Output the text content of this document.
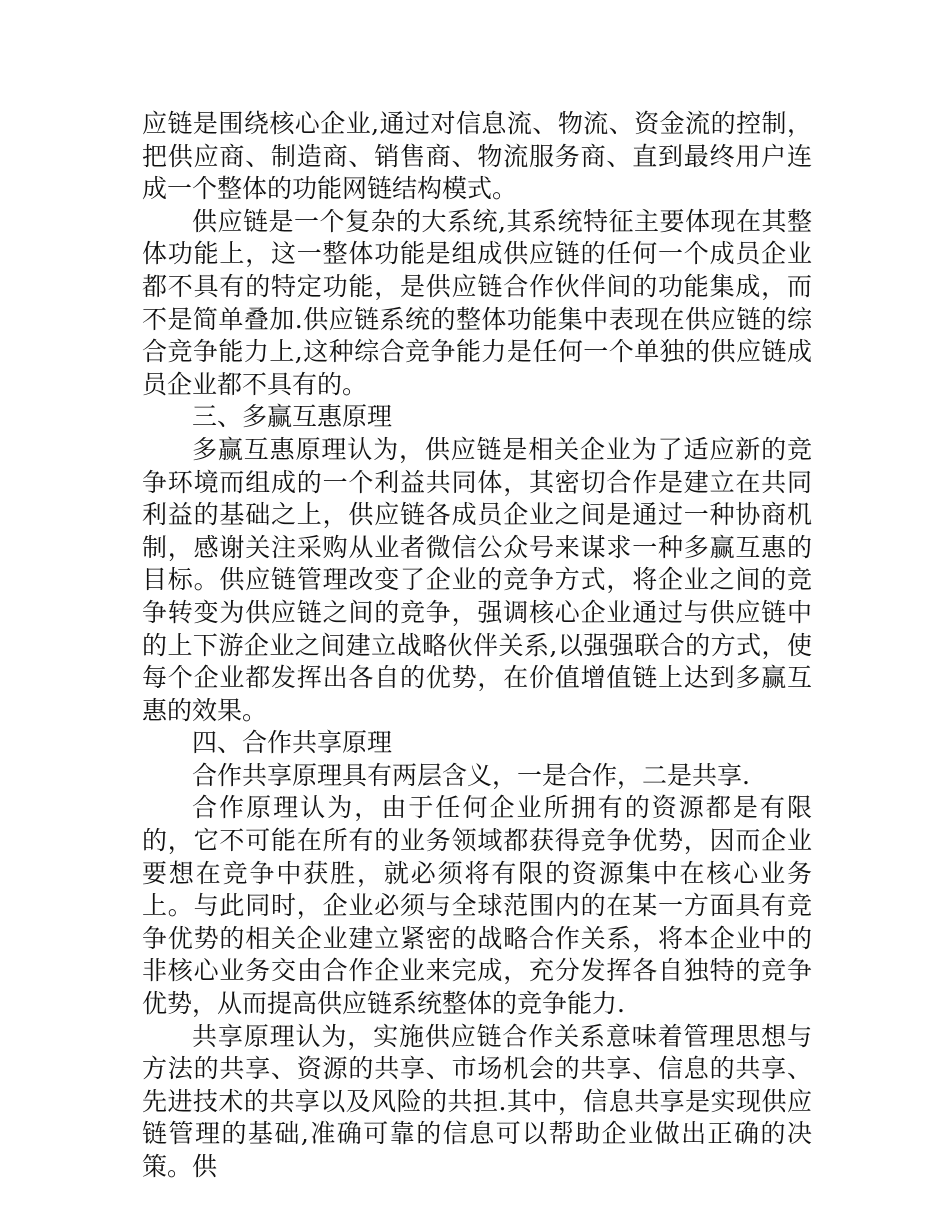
应链是围绕核心企业,通过对信息流、物流、资金流的控制，把供应商、制造商、销售商、物流服务商、直到最终用户连成一个整体的功能网链结构模式。

供应链是一个复杂的大系统,其系统特征主要体现在其整体功能上，这一整体功能是组成供应链的任何一个成员企业都不具有的特定功能，是供应链合作伙伴间的功能集成，而不是简单叠加.供应链系统的整体功能集中表现在供应链的综合竞争能力上,这种综合竞争能力是任何一个单独的供应链成员企业都不具有的。

三、多赢互惠原理

多赢互惠原理认为，供应链是相关企业为了适应新的竞争环境而组成的一个利益共同体，其密切合作是建立在共同利益的基础之上，供应链各成员企业之间是通过一种协商机制，感谢关注采购从业者微信公众号来谋求一种多赢互惠的目标。供应链管理改变了企业的竞争方式，将企业之间的竞争转变为供应链之间的竞争，强调核心企业通过与供应链中的上下游企业之间建立战略伙伴关系,以强强联合的方式，使每个企业都发挥出各自的优势，在价值增值链上达到多赢互惠的效果。

四、合作共享原理

合作共享原理具有两层含义，一是合作，二是共享.

合作原理认为，由于任何企业所拥有的资源都是有限的，它不可能在所有的业务领域都获得竞争优势，因而企业要想在竞争中获胜，就必须将有限的资源集中在核心业务上。与此同时，企业必须与全球范围内的在某一方面具有竞争优势的相关企业建立紧密的战略合作关系，将本企业中的非核心业务交由合作企业来完成，充分发挥各自独特的竞争优势，从而提高供应链系统整体的竞争能力.

共享原理认为，实施供应链合作关系意味着管理思想与方法的共享、资源的共享、市场机会的共享、信息的共享、先进技术的共享以及风险的共担.其中，信息共享是实现供应链管理的基础,准确可靠的信息可以帮助企业做出正确的决策。供
